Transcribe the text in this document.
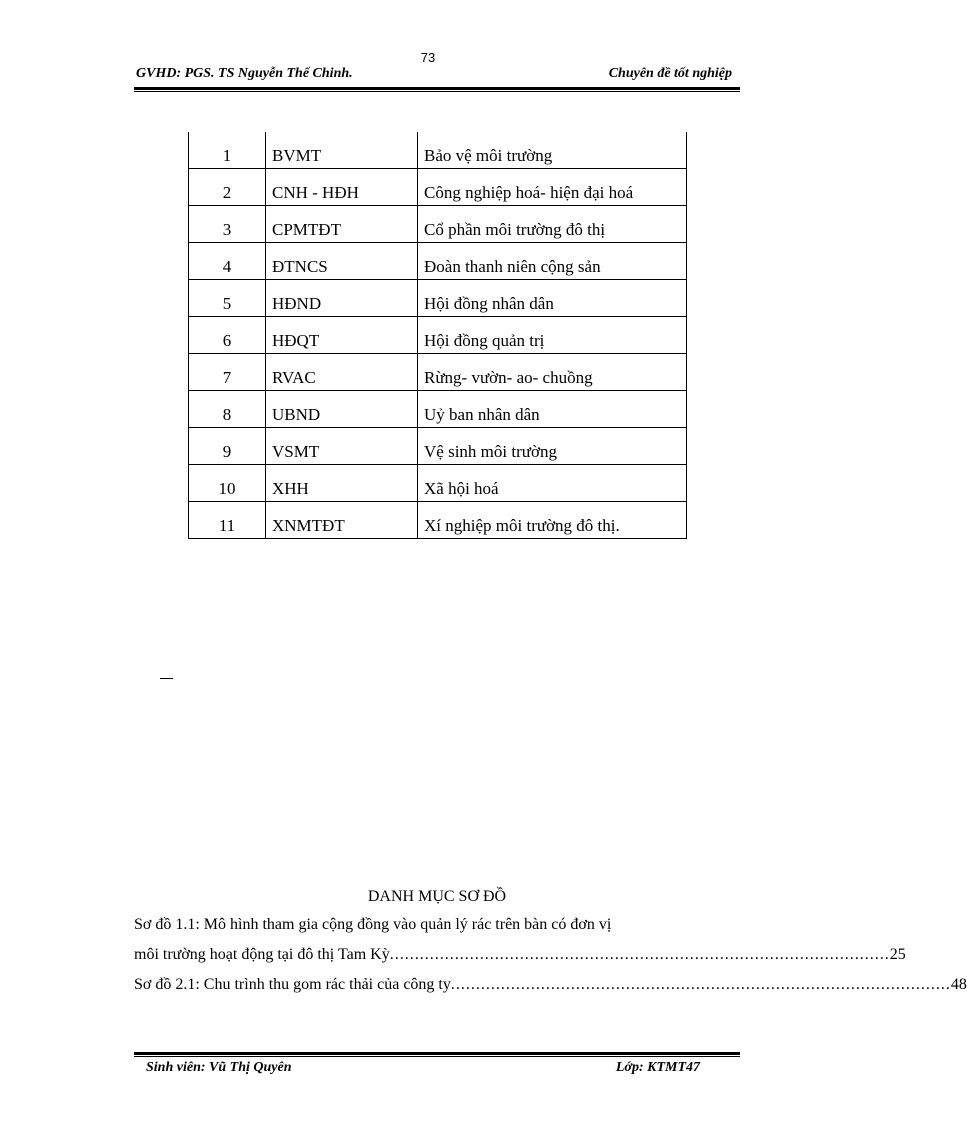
73
GVHD: PGS. TS Nguyễn Thế Chinh.	Chuyên đề tốt nghiệp
1	BVMT	Bảo vệ môi trường
2	CNH - HĐH	Công nghiệp hoá- hiện đại hoá
3	CPMTĐT	Cổ phần môi trường đô thị
4	ĐTNCS	Đoàn thanh niên cộng sản
5	HĐND	Hội đồng nhân dân
6	HĐQT	Hội đồng quản trị
7	RVAC	Rừng- vườn- ao- chuồng
8	UBND	Uỷ ban nhân dân
9	VSMT	Vệ sinh môi trường
10	XHH	Xã hội hoá
11	XNMTĐT	Xí nghiệp môi trường đô thị.

DANH MỤC SƠ ĐỒ

Sơ đồ 1.1: Mô hình tham gia cộng đồng vào quản lý rác trên bàn có đơn vị

môi trường hoạt động tại đô thị Tam Kỳ .................................................................................................... 25

Sơ đồ 2.1: Chu trình thu gom rác thải của công ty .................................................................................................... 48

Sinh viên: Vũ Thị Quyên	Lớp: KTMT47
